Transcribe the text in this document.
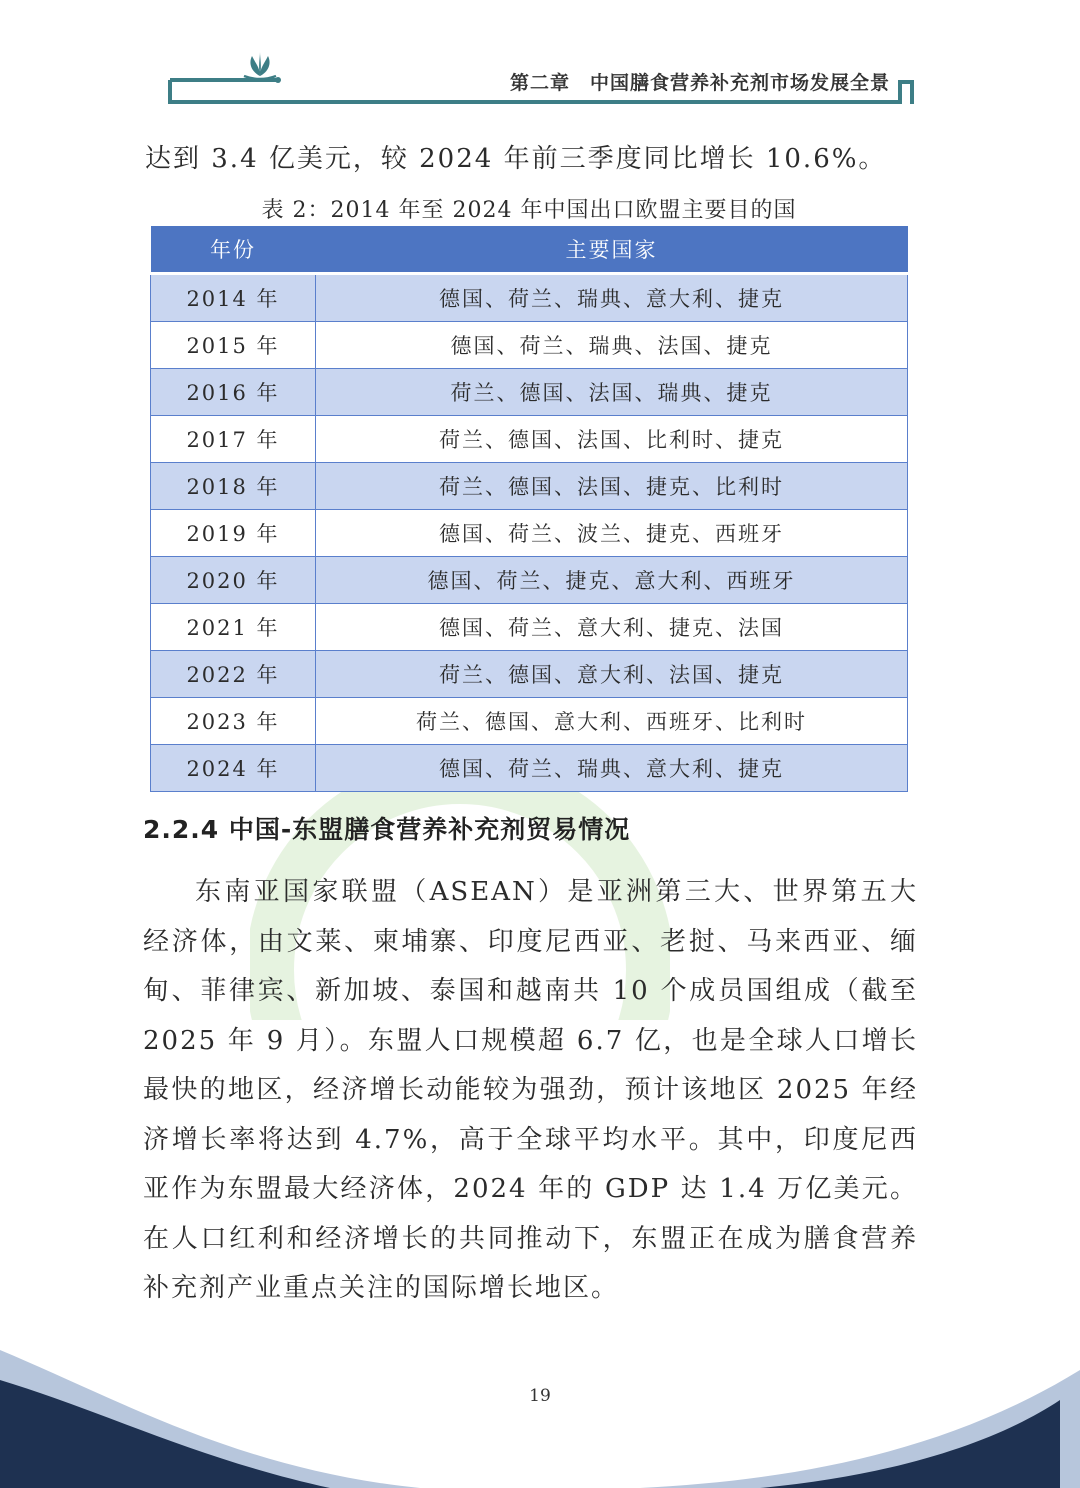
第二章　中国膳食营养补充剂市场发展全景
达到 3.4 亿美元，较 2024 年前三季度同比增长 10.6%。
表 2：2014 年至 2024 年中国出口欧盟主要目的国
年份	主要国家
2014 年	德国、荷兰、瑞典、意大利、捷克
2015 年	德国、荷兰、瑞典、法国、捷克
2016 年	荷兰、德国、法国、瑞典、捷克
2017 年	荷兰、德国、法国、比利时、捷克
2018 年	荷兰、德国、法国、捷克、比利时
2019 年	德国、荷兰、波兰、捷克、西班牙
2020 年	德国、荷兰、捷克、意大利、西班牙
2021 年	德国、荷兰、意大利、捷克、法国
2022 年	荷兰、德国、意大利、法国、捷克
2023 年	荷兰、德国、意大利、西班牙、比利时
2024 年	德国、荷兰、瑞典、意大利、捷克
2.2.4 中国-东盟膳食营养补充剂贸易情况
东南亚国家联盟（ASEAN）是亚洲第三大、世界第五大经济体，由文莱、柬埔寨、印度尼西亚、老挝、马来西亚、缅甸、菲律宾、新加坡、泰国和越南共 10 个成员国组成（截至 2025 年 9 月）。东盟人口规模超 6.7 亿，也是全球人口增长最快的地区，经济增长动能较为强劲，预计该地区 2025 年经济增长率将达到 4.7%，高于全球平均水平。其中，印度尼西亚作为东盟最大经济体，2024 年的 GDP 达 1.4 万亿美元。在人口红利和经济增长的共同推动下，东盟正在成为膳食营养补充剂产业重点关注的国际增长地区。
19
